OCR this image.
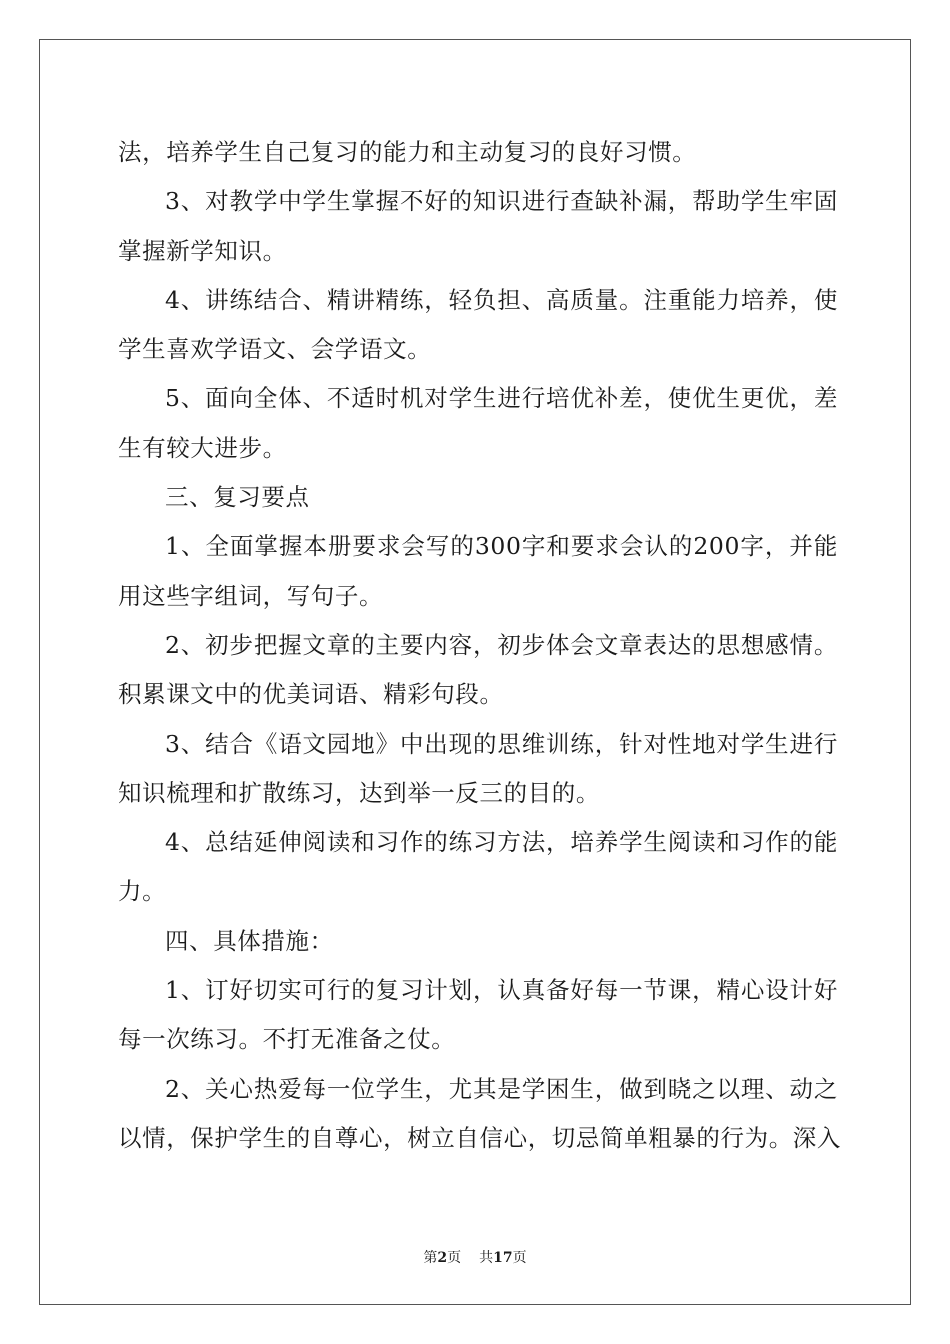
法，培养学生自己复习的能力和主动复习的良好习惯。
3、对教学中学生掌握不好的知识进行查缺补漏，帮助学生牢固
掌握新学知识。
4、讲练结合、精讲精练，轻负担、高质量。注重能力培养，使
学生喜欢学语文、会学语文。
5、面向全体、不适时机对学生进行培优补差，使优生更优，差
生有较大进步。
三、复习要点
1、全面掌握本册要求会写的300字和要求会认的200字，并能
用这些字组词，写句子。
2、初步把握文章的主要内容，初步体会文章表达的思想感情。
积累课文中的优美词语、精彩句段。
3、结合《语文园地》中出现的思维训练，针对性地对学生进行
知识梳理和扩散练习，达到举一反三的目的。
4、总结延伸阅读和习作的练习方法，培养学生阅读和习作的能
力。
四、具体措施：
1、订好切实可行的复习计划，认真备好每一节课，精心设计好
每一次练习。不打无准备之仗。
2、关心热爱每一位学生，尤其是学困生，做到晓之以理、动之
以情，保护学生的自尊心，树立自信心，切忌简单粗暴的行为。深入
第2页 共17页
